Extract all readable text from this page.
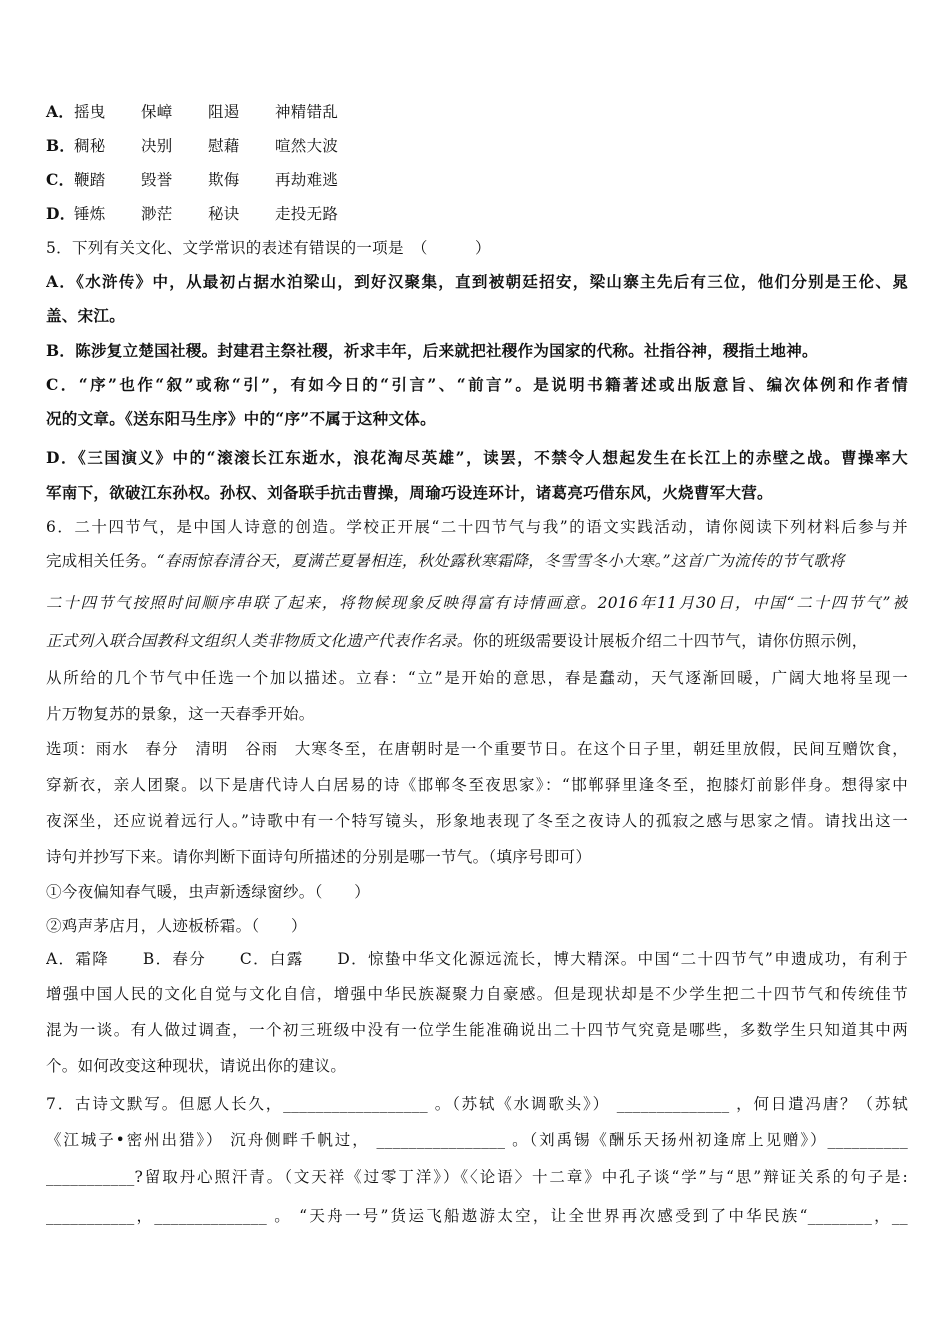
A．摇曳 保嶂 阻遏 神精错乱
B．稠秘 决别 慰藉 喧然大波
C．鞭踏 毁誉 欺侮 再劫难逃
D．锤炼 渺茫 秘诀 走投无路
5．下列有关文化、文学常识的表述有错误的一项是　（　　　）
A．《水浒传》中，从最初占据水泊梁山，到好汉聚集，直到被朝廷招安，梁山寨主先后有三位，他们分别是王伦、晁
盖、宋江。
B．陈涉复立楚国社稷。封建君主祭社稷，祈求丰年，后来就把社稷作为国家的代称。社指谷神，稷指土地神。
C．“序”也作“叙”或称“引”，有如今日的“引言”、“前言”。是说明书籍著述或出版意旨、编次体例和作者情
况的文章。《送东阳马生序》中的“序”不属于这种文体。
D．《三国演义》中的“滚滚长江东逝水，浪花淘尽英雄”，读罢，不禁令人想起发生在长江上的赤壁之战。曹操率大
军南下，欲破江东孙权。孙权、刘备联手抗击曹操，周瑜巧设连环计，诸葛亮巧借东风，火烧曹军大营。
6．二十四节气，是中国人诗意的创造。学校正开展“二十四节气与我”的语文实践活动，请你阅读下列材料后参与并
完成相关任务。“春雨惊春清谷天，夏满芒夏暑相连，秋处露秋寒霜降，冬雪雪冬小大寒。”这首广为流传的节气歌将
二十四节气按照时间顺序串联了起来，将物候现象反映得富有诗情画意。2016年11月30日，中国“二十四节气”被
正式列入联合国教科文组织人类非物质文化遗产代表作名录。你的班级需要设计展板介绍二十四节气，请你仿照示例，
从所给的几个节气中任选一个加以描述。立春：“立”是开始的意思，春是蠢动，天气逐渐回暖，广阔大地将呈现一
片万物复苏的景象，这一天春季开始。
选项：雨水　春分　清明　谷雨　大寒冬至，在唐朝时是一个重要节日。在这个日子里，朝廷里放假，民间互赠饮食，
穿新衣，亲人团聚。以下是唐代诗人白居易的诗《邯郸冬至夜思家》：“邯郸驿里逢冬至，抱膝灯前影伴身。想得家中
夜深坐，还应说着远行人。”诗歌中有一个特写镜头，形象地表现了冬至之夜诗人的孤寂之感与思家之情。请找出这一
诗句并抄写下来。请你判断下面诗句所描述的分别是哪一节气。（填序号即可）
①今夜偏知春气暖，虫声新透绿窗纱。（　　）
②鸡声茅店月，人迹板桥霜。（　　）
A．霜降　　B．春分　　C．白露　　D．惊蛰中华文化源远流长，博大精深。中国“二十四节气”申遗成功，有利于
增强中国人民的文化自觉与文化自信，增强中华民族凝聚力自豪感。但是现状却是不少学生把二十四节气和传统佳节
混为一谈。有人做过调查，一个初三班级中没有一位学生能准确说出二十四节气究竟是哪些，多数学生只知道其中两
个。如何改变这种现状，请说出你的建议。
7．古诗文默写。但愿人长久，__________________ 。（苏轼《水调歌头》） ______________ ，何日遣冯唐？（苏轼
《江城子•密州出猎》） 沉舟侧畔千帆过， ________________ 。（刘禹锡《酬乐天扬州初逢席上见赠》）__________
___________?留取丹心照汗青。（文天祥《过零丁洋》）《〈论语〉十二章》中孔子谈“学”与“思”辩证关系的句子是:
___________，______________ 。 “天舟一号”货运飞船遨游太空，让全世界再次感受到了中华民族“________，__
